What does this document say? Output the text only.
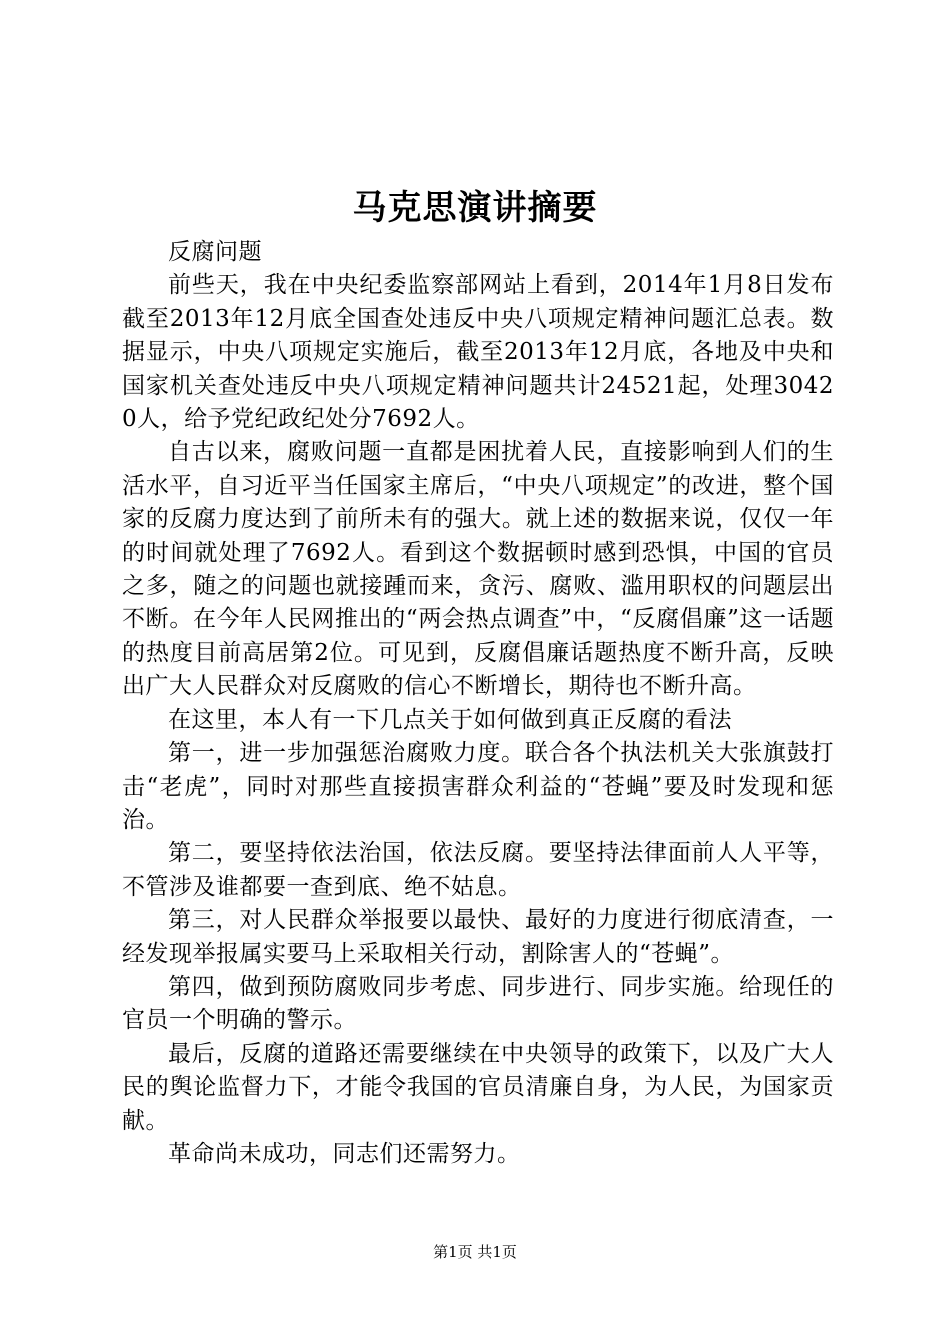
马克思演讲摘要

反腐问题

前些天，我在中央纪委监察部网站上看到，2014年1月8日发布截至2013年12月底全国查处违反中央八项规定精神问题汇总表。数据显示，中央八项规定实施后，截至2013年12月底，各地及中央和国家机关查处违反中央八项规定精神问题共计24521起，处理30420人，给予党纪政纪处分7692人。

自古以来，腐败问题一直都是困扰着人民，直接影响到人们的生活水平，自习近平当任国家主席后，“中央八项规定”的改进，整个国家的反腐力度达到了前所未有的强大。就上述的数据来说，仅仅一年的时间就处理了7692人。看到这个数据顿时感到恐惧，中国的官员之多，随之的问题也就接踵而来，贪污、腐败、滥用职权的问题层出不断。在今年人民网推出的“两会热点调查”中，“反腐倡廉”这一话题的热度目前高居第2位。可见到，反腐倡廉话题热度不断升高，反映出广大人民群众对反腐败的信心不断增长，期待也不断升高。

在这里，本人有一下几点关于如何做到真正反腐的看法

第一，进一步加强惩治腐败力度。联合各个执法机关大张旗鼓打击“老虎”，同时对那些直接损害群众利益的“苍蝇”要及时发现和惩治。

第二，要坚持依法治国，依法反腐。要坚持法律面前人人平等，不管涉及谁都要一查到底、绝不姑息。

第三，对人民群众举报要以最快、最好的力度进行彻底清查，一经发现举报属实要马上采取相关行动，割除害人的“苍蝇”。

第四，做到预防腐败同步考虑、同步进行、同步实施。给现任的官员一个明确的警示。

最后，反腐的道路还需要继续在中央领导的政策下，以及广大人民的舆论监督力下，才能令我国的官员清廉自身，为人民，为国家贡献。

革命尚未成功，同志们还需努力。

第1页 共1页
